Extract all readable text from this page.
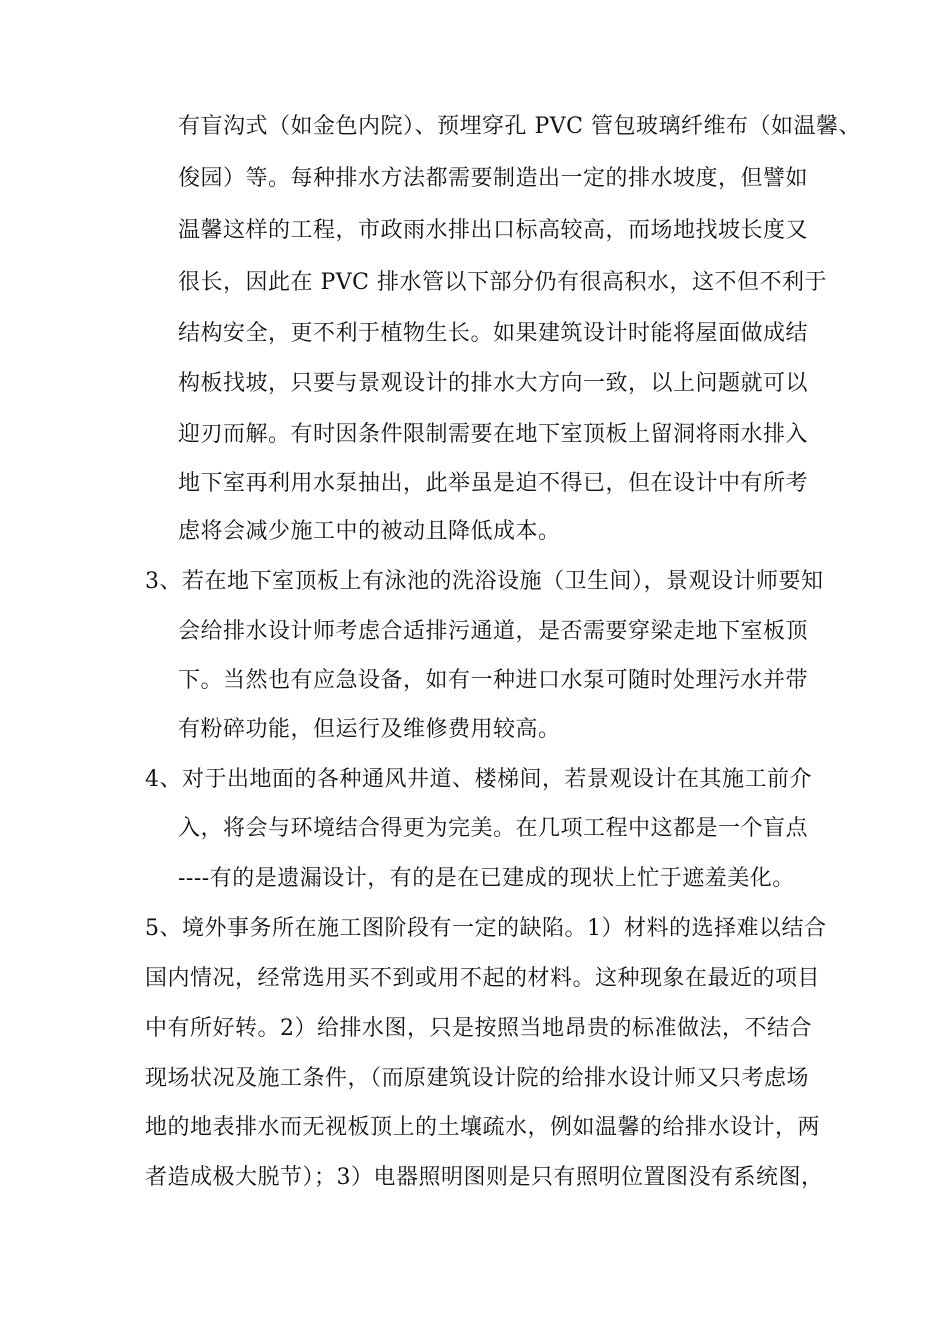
有盲沟式（如金色内院）、预埋穿孔 PVC 管包玻璃纤维布（如温馨、
俊园）等。每种排水方法都需要制造出一定的排水坡度，但譬如
温馨这样的工程，市政雨水排出口标高较高，而场地找坡长度又
很长，因此在 PVC 排水管以下部分仍有很高积水，这不但不利于
结构安全，更不利于植物生长。如果建筑设计时能将屋面做成结
构板找坡，只要与景观设计的排水大方向一致，以上问题就可以
迎刃而解。有时因条件限制需要在地下室顶板上留洞将雨水排入
地下室再利用水泵抽出，此举虽是迫不得已，但在设计中有所考
虑将会减少施工中的被动且降低成本。
3、若在地下室顶板上有泳池的洗浴设施（卫生间），景观设计师要知
会给排水设计师考虑合适排污通道，是否需要穿梁走地下室板顶
下。当然也有应急设备，如有一种进口水泵可随时处理污水并带
有粉碎功能，但运行及维修费用较高。
4、对于出地面的各种通风井道、楼梯间，若景观设计在其施工前介
入，将会与环境结合得更为完美。在几项工程中这都是一个盲点
----有的是遗漏设计，有的是在已建成的现状上忙于遮羞美化。
5、境外事务所在施工图阶段有一定的缺陷。1）材料的选择难以结合
国内情况，经常选用买不到或用不起的材料。这种现象在最近的项目
中有所好转。2）给排水图，只是按照当地昂贵的标准做法，不结合
现场状况及施工条件，（而原建筑设计院的给排水设计师又只考虑场
地的地表排水而无视板顶上的土壤疏水，例如温馨的给排水设计，两
者造成极大脱节）；3）电器照明图则是只有照明位置图没有系统图，
